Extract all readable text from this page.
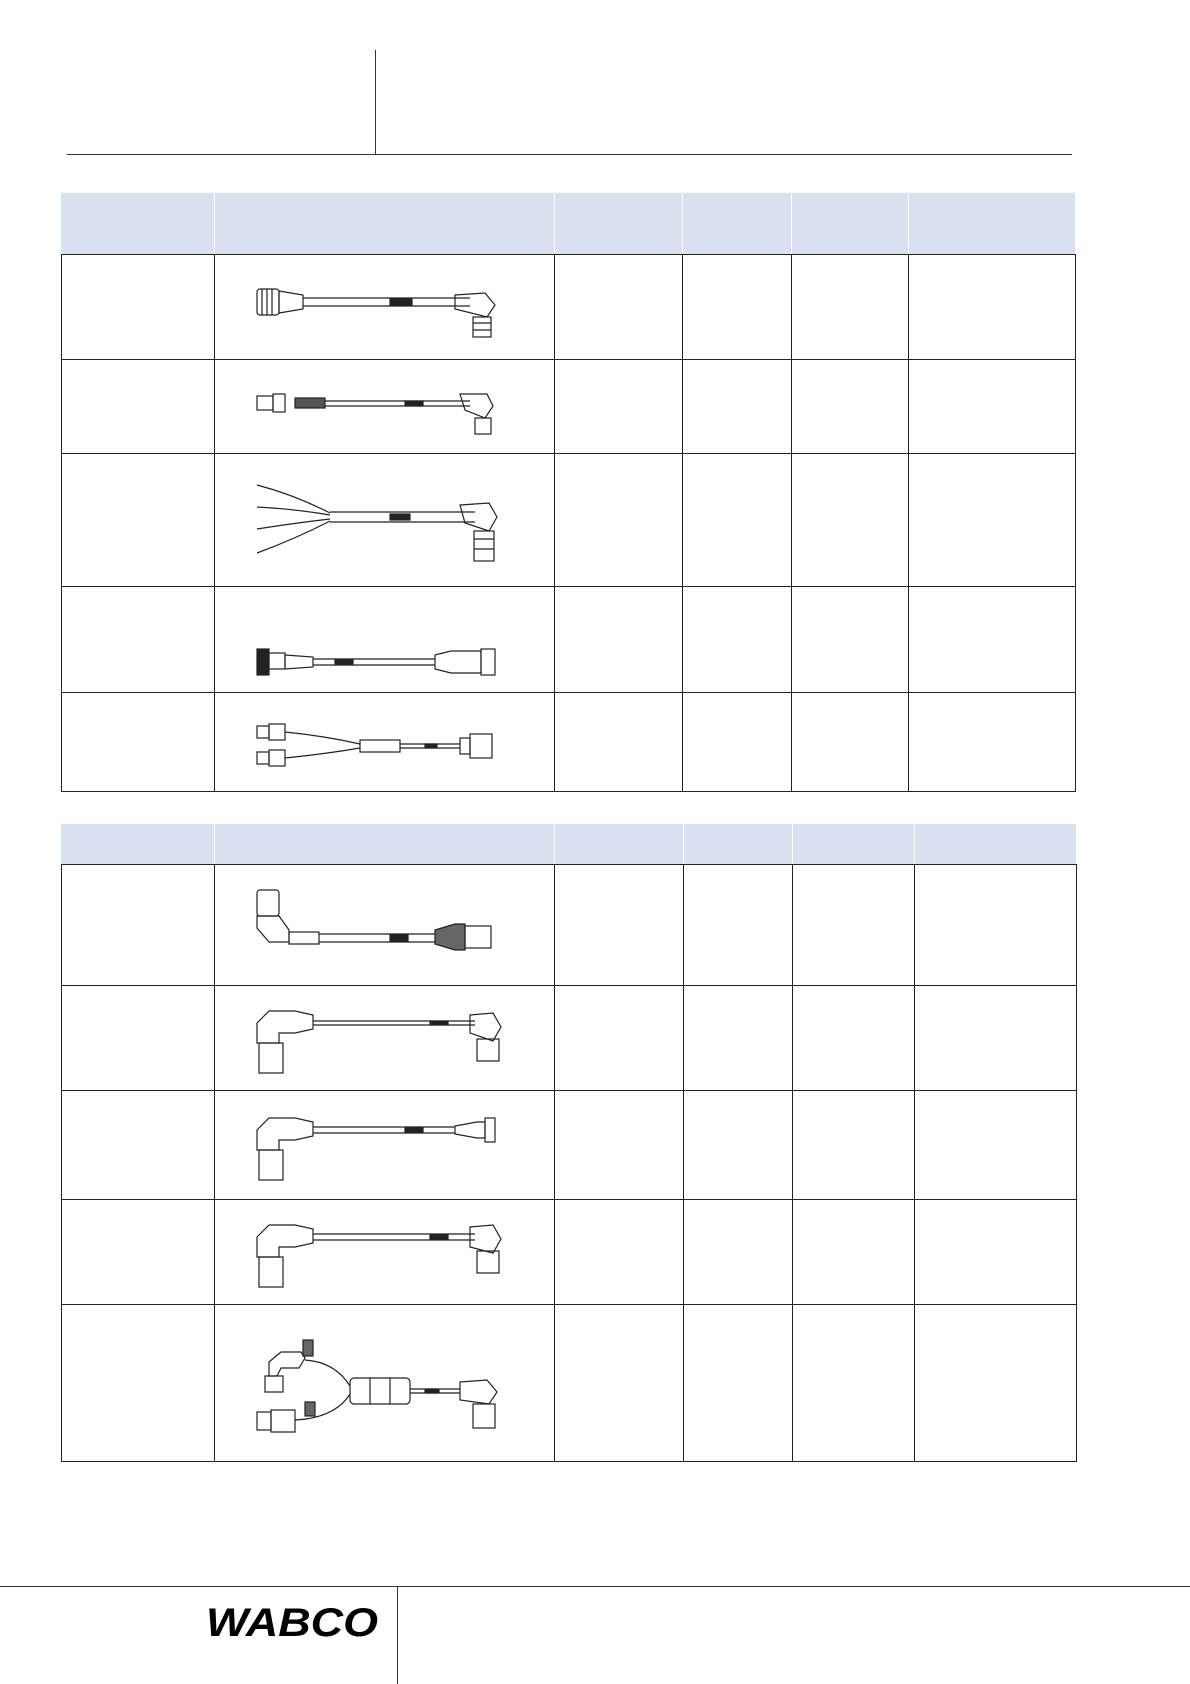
WABCO
